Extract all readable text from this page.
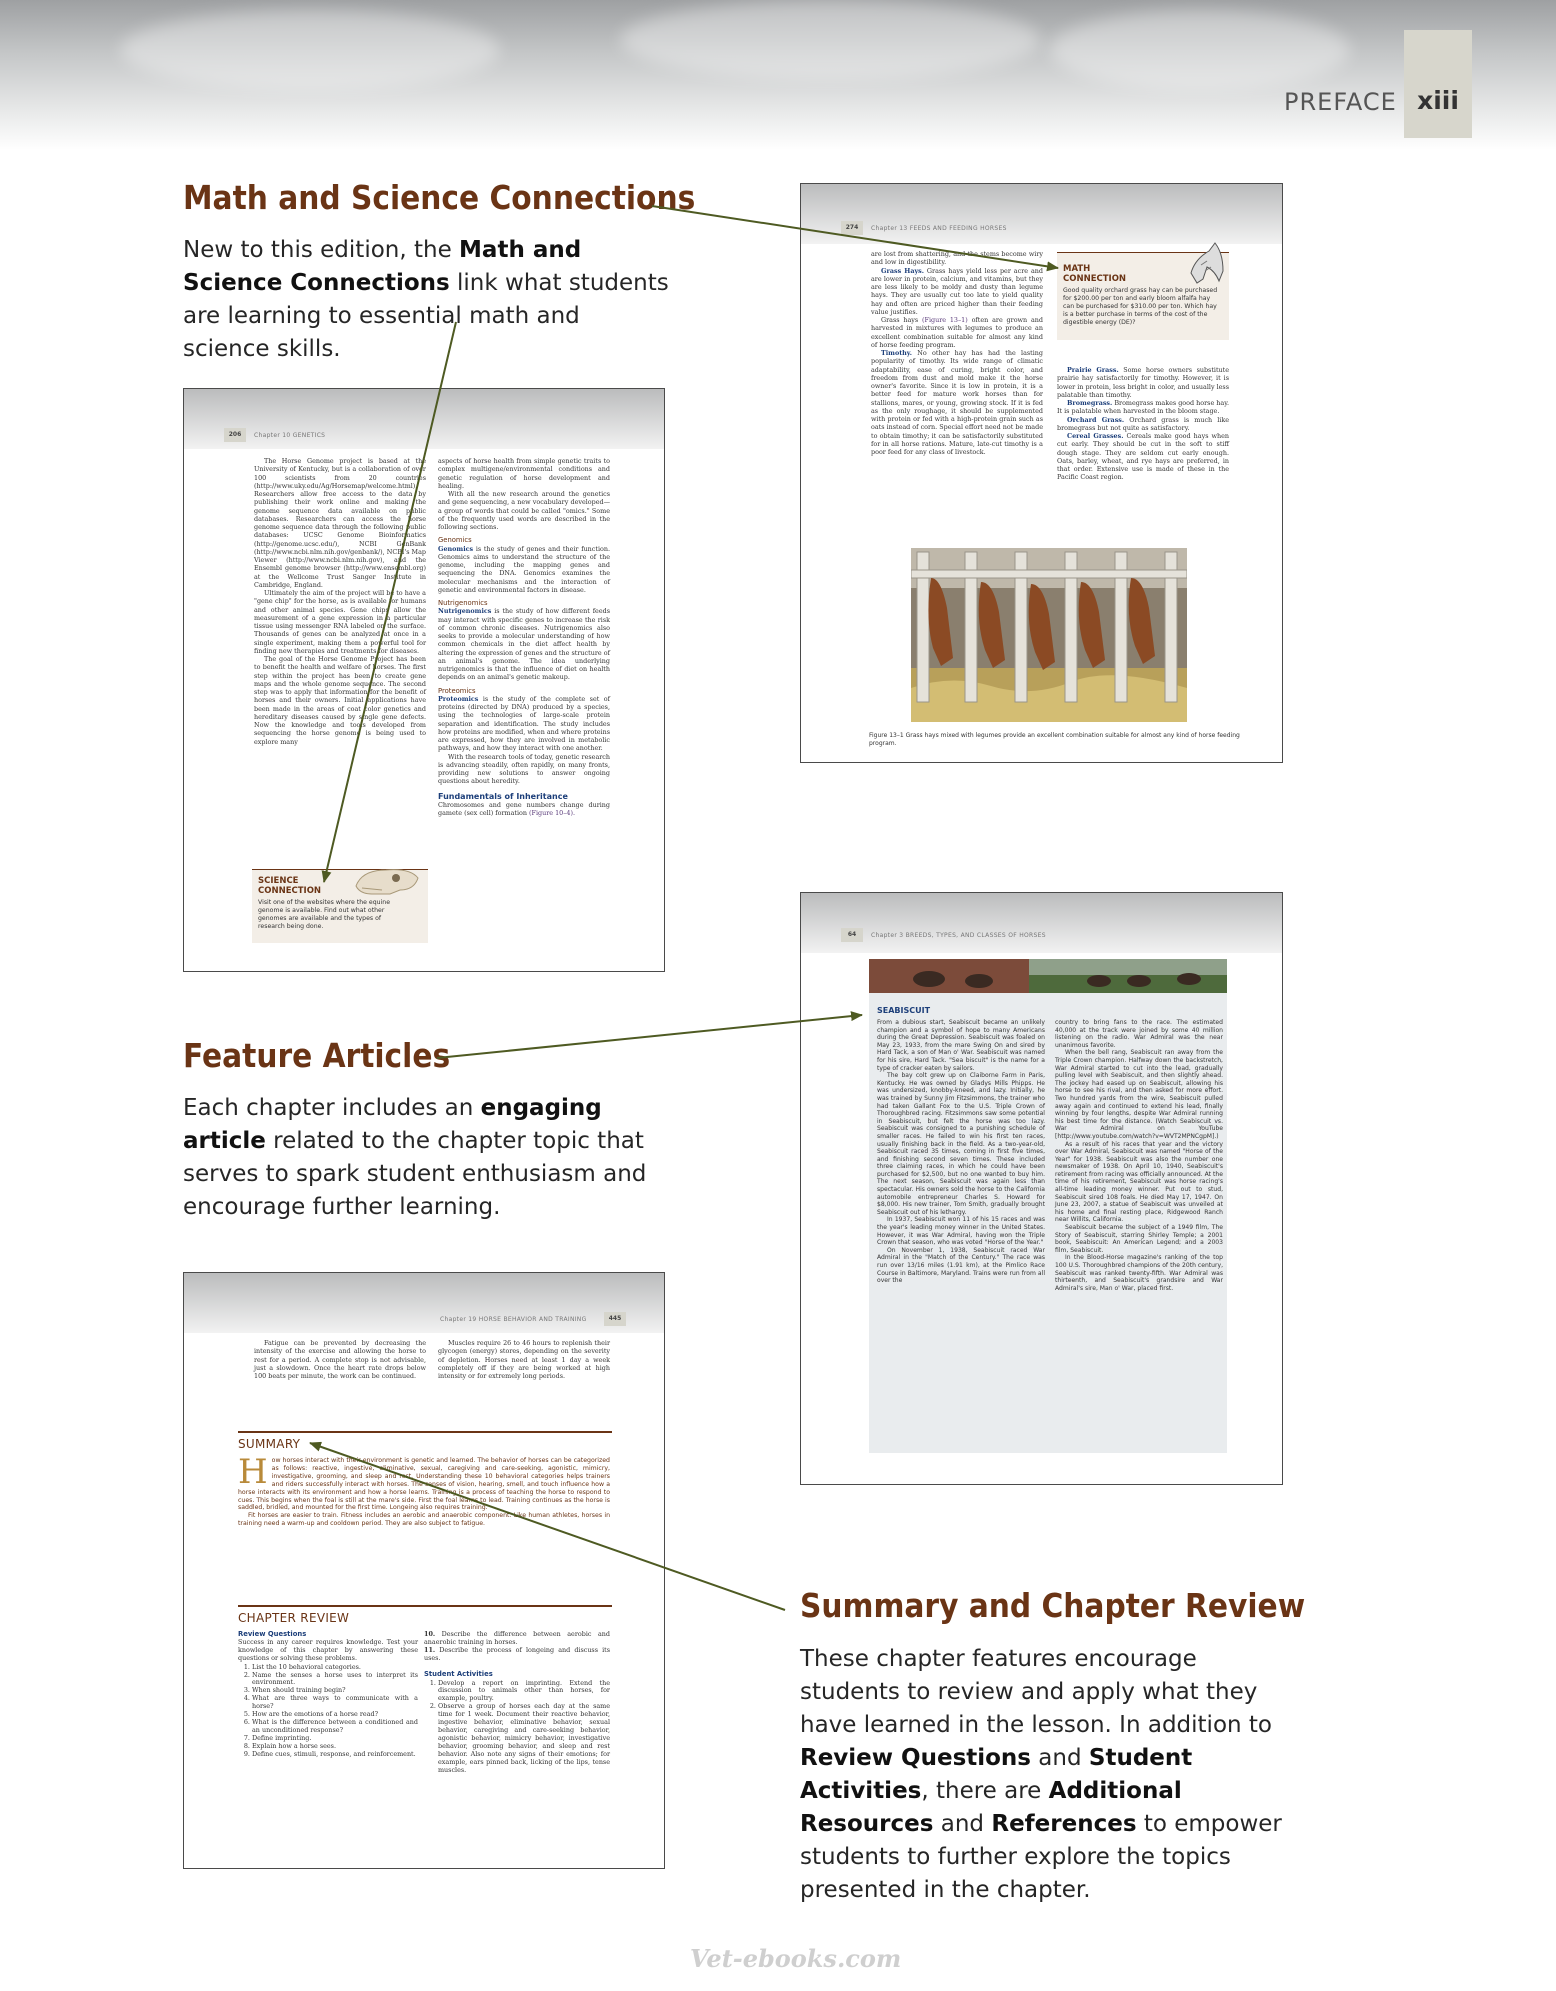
PREFACE xiii
Math and Science Connections
New to this edition, the Math and Science Connections link what students are learning to essential math and science skills.
Feature Articles
Each chapter includes an engaging article related to the chapter topic that serves to spark student enthusiasm and encourage further learning.
Summary and Chapter Review
These chapter features encourage students to review and apply what they have learned in the lesson. In addition to Review Questions and Student Activities, there are Additional Resources and References to empower students to further explore the topics presented in the chapter.
206	Chapter 10 GENETICS

The Horse Genome project is based at the University of Kentucky, but is a collaboration of over 100 scientists from 20 countries (http://www.uky.edu/Ag/Horsemap/welcome.html). Researchers allow free access to the data by publishing their work online and making the genome sequence data available on public databases. Researchers can access the horse genome sequence data through the following public databases: UCSC Genome Bioinformatics (http://genome.ucsc.edu/), NCBI GenBank (http://www.ncbi.nlm.nih.gov/genbank/), NCBI's Map Viewer (http://www.ncbi.nlm.nih.gov), and the Ensembl genome browser (http://www.ensembl.org) at the Wellcome Trust Sanger Institute in Cambridge, England.

Ultimately the aim of the project will be to have a "gene chip" for the horse, as is available for humans and other animal species. Gene chips allow the measurement of a gene expression in a particular tissue using messenger RNA labeled on the surface. Thousands of genes can be analyzed at once in a single experiment, making them a powerful tool for finding new therapies and treatments for diseases.

The goal of the Horse Genome Project has been to benefit the health and welfare of horses. The first step within the project has been to create gene maps and the whole genome sequence. The second step was to apply that information for the benefit of horses and their owners. Initial applications have been made in the areas of coat color genetics and hereditary diseases caused by single gene defects. Now the knowledge and tools developed from sequencing the horse genome is being used to explore many

SCIENCE CONNECTION
Visit one of the websites where the equine genome is available. Find out what other genomes are available and the types of research being done.

aspects of horse health from simple genetic traits to complex multigene/environmental conditions and genetic regulation of horse development and healing.

With all the new research around the genetics and gene sequencing, a new vocabulary developed—a group of words that could be called "omics." Some of the frequently used words are described in the following sections.

Genomics

Genomics is the study of genes and their function. Genomics aims to understand the structure of the genome, including the mapping genes and sequencing the DNA. Genomics examines the molecular mechanisms and the interaction of genetic and environmental factors in disease.

Nutrigenomics

Nutrigenomics is the study of how different feeds may interact with specific genes to increase the risk of common chronic diseases. Nutrigenomics also seeks to provide a molecular understanding of how common chemicals in the diet affect health by altering the expression of genes and the structure of an animal's genome. The idea underlying nutrigenomics is that the influence of diet on health depends on an animal's genetic makeup.

Proteomics

Proteomics is the study of the complete set of proteins (directed by DNA) produced by a species, using the technologies of large-scale protein separation and identification. The study includes how proteins are modified, when and where proteins are expressed, how they are involved in metabolic pathways, and how they interact with one another.

With the research tools of today, genetic research is advancing steadily, often rapidly, on many fronts, providing new solutions to answer ongoing questions about heredity.

Fundamentals of Inheritance

Chromosomes and gene numbers change during gamete (sex cell) formation (Figure 10–4).

274	Chapter 13 FEEDS AND FEEDING HORSES

are lost from shattering, and the stems become wiry and low in digestibility.

Grass Hays. Grass hays yield less per acre and are lower in protein, calcium, and vitamins, but they are less likely to be moldy and dusty than legume hays. They are usually cut too late to yield quality hay and often are priced higher than their feeding value justifies.

Grass hays (Figure 13–1) often are grown and harvested in mixtures with legumes to produce an excellent combination suitable for almost any kind of horse feeding program.

Timothy. No other hay has had the lasting popularity of timothy. Its wide range of climatic adaptability, ease of curing, bright color, and freedom from dust and mold make it the horse owner's favorite. Since it is low in protein, it is a better feed for mature work horses than for stallions, mares, or young, growing stock. If it is fed as the only roughage, it should be supplemented with protein or fed with a high-protein grain such as oats instead of corn. Special effort need not be made to obtain timothy; it can be satisfactorily substituted for in all horse rations. Mature, late-cut timothy is a poor feed for any class of livestock.

MATH CONNECTION
Good quality orchard grass hay can be purchased for $200.00 per ton and early bloom alfalfa hay can be purchased for $310.00 per ton. Which hay is a better purchase in terms of the cost of the digestible energy (DE)?

Prairie Grass. Some horse owners substitute prairie hay satisfactorily for timothy. However, it is lower in protein, less bright in color, and usually less palatable than timothy.

Bromegrass. Bromegrass makes good horse hay. It is palatable when harvested in the bloom stage.

Orchard Grass. Orchard grass is much like bromegrass but not quite as satisfactory.

Cereal Grasses. Cereals make good hays when cut early. They should be cut in the soft to stiff dough stage. They are seldom cut early enough. Oats, barley, wheat, and rye hays are preferred, in that order. Extensive use is made of these in the Pacific Coast region.

Figure 13–1 Grass hays mixed with legumes provide an excellent combination suitable for almost any kind of horse feeding program.
64	Chapter 3 BREEDS, TYPES, AND CLASSES OF HORSES
SEABISCUIT

From a dubious start, Seabiscuit became an unlikely champion and a symbol of hope to many Americans during the Great Depression. Seabiscuit was foaled on May 23, 1933, from the mare Swing On and sired by Hard Tack, a son of Man o' War. Seabiscuit was named for his sire, Hard Tack. "Sea biscuit" is the name for a type of cracker eaten by sailors.

The bay colt grew up on Claiborne Farm in Paris, Kentucky. He was owned by Gladys Mills Phipps. He was undersized, knobby-kneed, and lazy. Initially, he was trained by Sunny Jim Fitzsimmons, the trainer who had taken Gallant Fox to the U.S. Triple Crown of Thoroughbred racing. Fitzsimmons saw some potential in Seabiscuit, but felt the horse was too lazy. Seabiscuit was consigned to a punishing schedule of smaller races. He failed to win his first ten races, usually finishing back in the field. As a two-year-old, Seabiscuit raced 35 times, coming in first five times, and finishing second seven times. These included three claiming races, in which he could have been purchased for $2,500, but no one wanted to buy him. The next season, Seabiscuit was again less than spectacular. His owners sold the horse to the California automobile entrepreneur Charles S. Howard for $8,000. His new trainer, Tom Smith, gradually brought Seabiscuit out of his lethargy.

In 1937, Seabiscuit won 11 of his 15 races and was the year's leading money winner in the United States. However, it was War Admiral, having won the Triple Crown that season, who was voted "Horse of the Year."

On November 1, 1938, Seabiscuit raced War Admiral in the "Match of the Century." The race was run over 13/16 miles (1.91 km), at the Pimlico Race Course in Baltimore, Maryland. Trains were run from all over the

country to bring fans to the race. The estimated 40,000 at the track were joined by some 40 million listening on the radio. War Admiral was the near unanimous favorite.

When the bell rang, Seabiscuit ran away from the Triple Crown champion. Halfway down the backstretch, War Admiral started to cut into the lead, gradually pulling level with Seabiscuit, and then slightly ahead. The jockey had eased up on Seabiscuit, allowing his horse to see his rival, and then asked for more effort. Two hundred yards from the wire, Seabiscuit pulled away again and continued to extend his lead, finally winning by four lengths, despite War Admiral running his best time for the distance. (Watch Seabiscuit vs. War Admiral on YouTube [http://www.youtube.com/watch?v=WVT2MPNCgpM].)

As a result of his races that year and the victory over War Admiral, Seabiscuit was named "Horse of the Year" for 1938. Seabiscuit was also the number one newsmaker of 1938. On April 10, 1940, Seabiscuit's retirement from racing was officially announced. At the time of his retirement, Seabiscuit was horse racing's all-time leading money winner. Put out to stud, Seabiscuit sired 108 foals. He died May 17, 1947. On June 23, 2007, a statue of Seabiscuit was unveiled at his home and final resting place, Ridgewood Ranch near Willits, California.

Seabiscuit became the subject of a 1949 film, The Story of Seabiscuit, starring Shirley Temple; a 2001 book, Seabiscuit: An American Legend; and a 2003 film, Seabiscuit.

In the Blood-Horse magazine's ranking of the top 100 U.S. Thoroughbred champions of the 20th century, Seabiscuit was ranked twenty-fifth. War Admiral was thirteenth, and Seabiscuit's grandsire and War Admiral's sire, Man o' War, placed first.

Chapter 19 HORSE BEHAVIOR AND TRAINING	445

Fatigue can be prevented by decreasing the intensity of the exercise and allowing the horse to rest for a period. A complete stop is not advisable, just a slowdown. Once the heart rate drops below 100 beats per minute, the work can be continued.

Muscles require 26 to 46 hours to replenish their glycogen (energy) stores, depending on the severity of depletion. Horses need at least 1 day a week completely off if they are being worked at high intensity or for extremely long periods.

SUMMARY
How horses interact with their environment is genetic and learned. The behavior of horses can be categorized as follows: reactive, ingestive, eliminative, sexual, caregiving and care-seeking, agonistic, mimicry, investigative, grooming, and sleep and rest. Understanding these 10 behavioral categories helps trainers and riders successfully interact with horses. The senses of vision, hearing, smell, and touch influence how a horse interacts with its environment and how a horse learns. Training is a process of teaching the horse to respond to cues. This begins when the foal is still at the mare's side. First the foal learns to lead. Training continues as the horse is saddled, bridled, and mounted for the first time. Longeing also requires training.

Fit horses are easier to train. Fitness includes an aerobic and anaerobic component. Like human athletes, horses in training need a warm-up and cooldown period. They are also subject to fatigue.

CHAPTER REVIEW
Review Questions

Success in any career requires knowledge. Test your knowledge of this chapter by answering these questions or solving these problems.

1. List the 10 behavioral categories.
2. Name the senses a horse uses to interpret its environment.
3. When should training begin?
4. What are three ways to communicate with a horse?
5. How are the emotions of a horse read?
6. What is the difference between a conditioned and an unconditioned response?
7. Define imprinting.
8. Explain how a horse sees.
9. Define cues, stimuli, response, and reinforcement.

10. Describe the difference between aerobic and anaerobic training in horses.

11. Describe the process of longeing and discuss its uses.

Student Activities
1. Develop a report on imprinting. Extend the discussion to animals other than horses, for example, poultry.
2. Observe a group of horses each day at the same time for 1 week. Document their reactive behavior, ingestive behavior, eliminative behavior, sexual behavior, caregiving and care-seeking behavior, agonistic behavior, mimicry behavior, investigative behavior, grooming behavior, and sleep and rest behavior. Also note any signs of their emotions; for example, ears pinned back, licking of the lips, tense muscles.
Vet-ebooks.com
